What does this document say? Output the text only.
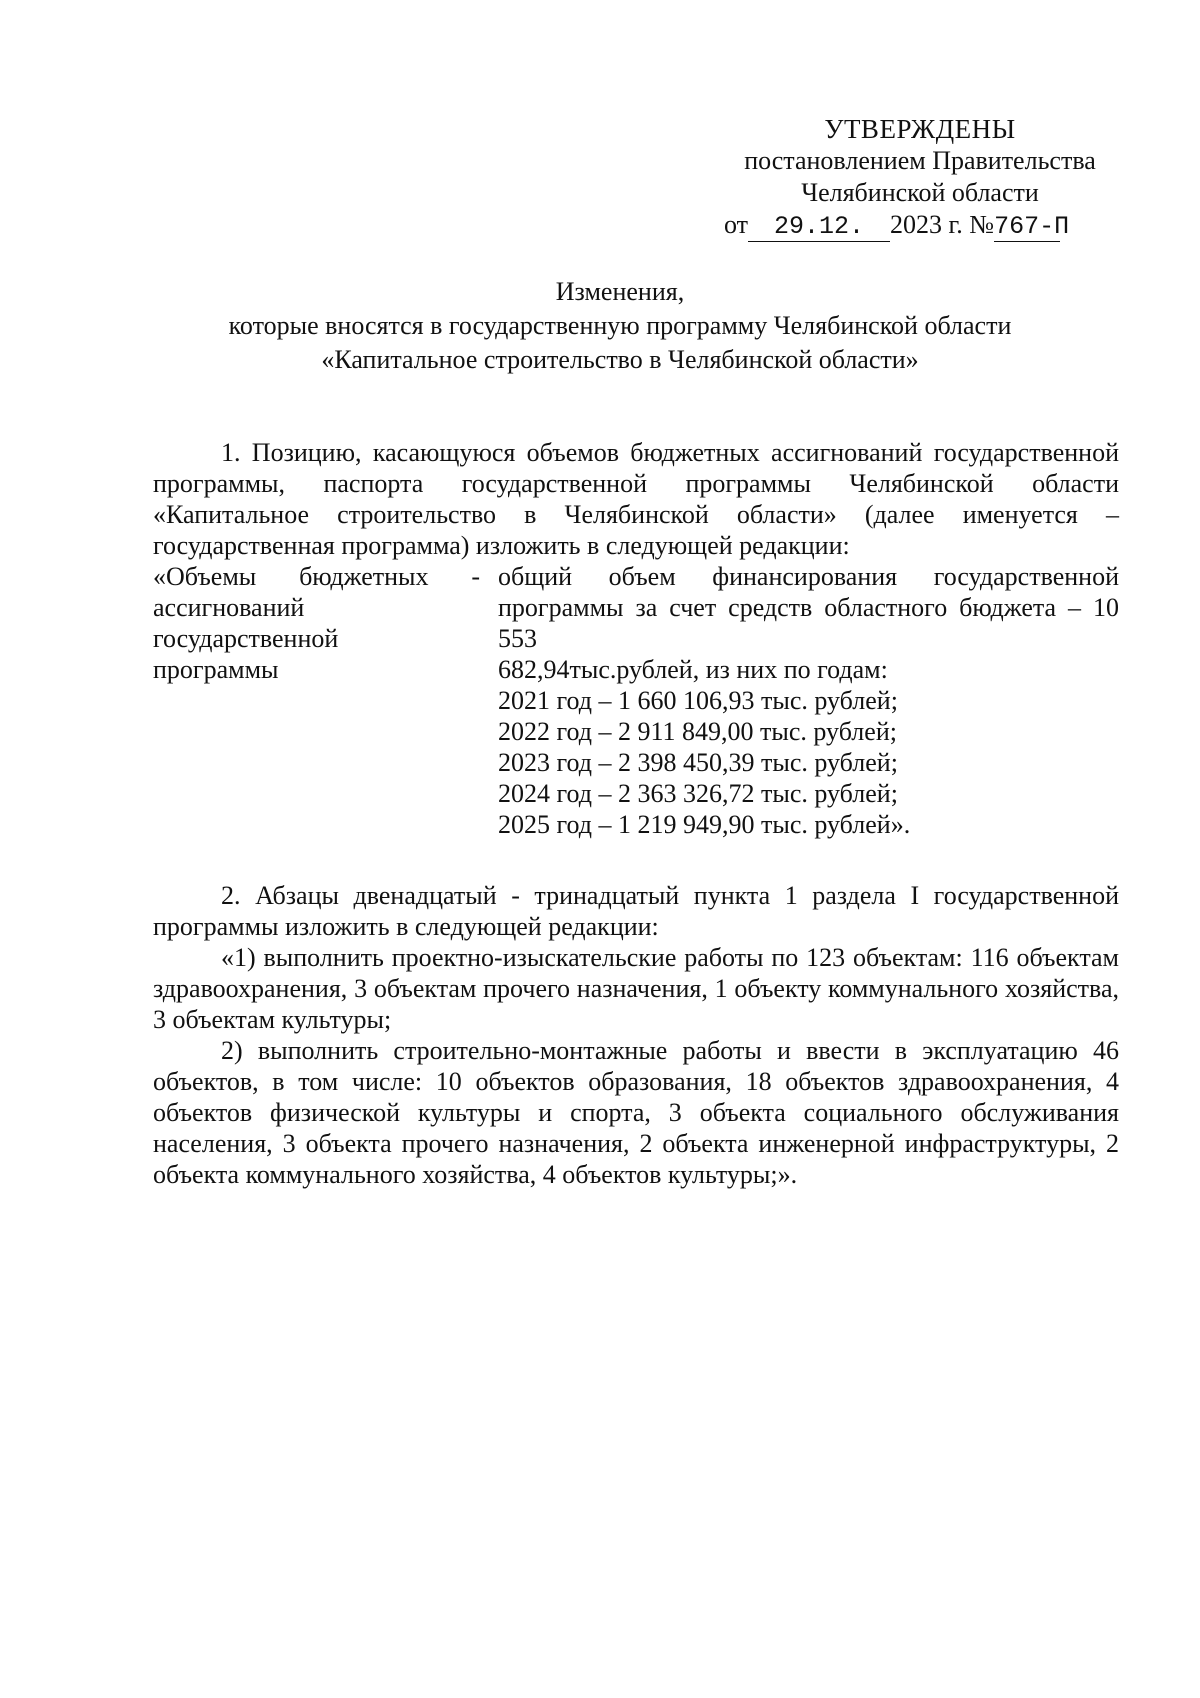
УТВЕРЖДЕНЫ
постановлением Правительства
Челябинской области
от 29.12. 2023 г. №767-П
Изменения,
которые вносятся в государственную программу Челябинской области
«Капитальное строительство в Челябинской области»

1. Позицию, касающуюся объемов бюджетных ассигнований государственной программы, паспорта государственной программы Челябинской области «Капитальное строительство в Челябинской области» (далее именуется – государственная программа) изложить в следующей редакции:

«Объемы бюджетных -
ассигнований
государственной
программы
общий объем финансирования государственной программы за счет средств областного бюджета – 10 553
682,94тыс.рублей, из них по годам:
2021 год – 1 660 106,93 тыс. рублей;
2022 год – 2 911 849,00 тыс. рублей;
2023 год – 2 398 450,39 тыс. рублей;
2024 год – 2 363 326,72 тыс. рублей;
2025 год – 1 219 949,90 тыс. рублей».

2. Абзацы двенадцатый - тринадцатый пункта 1 раздела I государственной программы изложить в следующей редакции:

«1) выполнить проектно-изыскательские работы по 123 объектам: 116 объектам здравоохранения, 3 объектам прочего назначения, 1 объекту коммунального хозяйства, 3 объектам культуры;

2) выполнить строительно-монтажные работы и ввести в эксплуатацию 46 объектов, в том числе: 10 объектов образования, 18 объектов здравоохранения, 4 объектов физической культуры и спорта, 3 объекта социального обслуживания населения, 3 объекта прочего назначения, 2 объекта инженерной инфраструктуры, 2 объекта коммунального хозяйства, 4 объектов культуры;».
